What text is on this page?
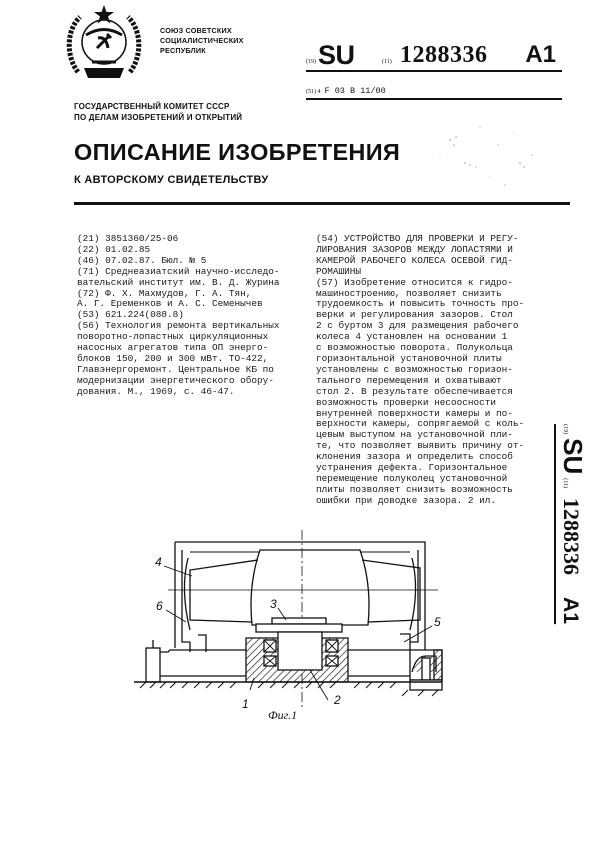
СОЮЗ СОВЕТСКИХ
СОЦИАЛИСТИЧЕСКИХ
РЕСПУБЛИК
ГОСУДАРСТВЕННЫЙ КОМИТЕТ СССР
ПО ДЕЛАМ ИЗОБРЕТЕНИЙ И ОТКРЫТИЙ
(19) SU	(11) 1288336 A1
(51) 4 F 03 B 11/00
ОПИСАНИЕ ИЗОБРЕТЕНИЯ
К АВТОРСКОМУ СВИДЕТЕЛЬСТВУ
(21) 3851360/25-06
(22) 01.02.85
(46) 07.02.87. Бюл. № 5
(71) Среднеазиатский научно-исследо-
вательский институт им. В. Д. Журина
(72) Ф. Х. Махмудов, Г. А. Тян,
А. Г. Еременков и А. С. Семенычев
(53) 621.224(088.8)
(56) Технология ремонта вертикальных
поворотно-лопастных циркуляционных
насосных агрегатов типа ОП энерго-
блоков 150, 200 и 300 мВт. ТО-422,
Главэнергоремонт. Центральное КБ по
модернизации энергетического обору-
дования. М., 1969, с. 46-47.
(54) УСТРОЙСТВО ДЛЯ ПРОВЕРКИ И РЕГУ-
ЛИРОВАНИЯ ЗАЗОРОВ МЕЖДУ ЛОПАСТЯМИ И
КАМЕРОЙ РАБОЧЕГО КОЛЕСА ОСЕВОЙ ГИД-
РОМАШИНЫ
(57) Изобретение относится к гидро-
машиностроению, позволяет снизить
трудоемкость и повысить точность про-
верки и регулирования зазоров. Стол
2 с буртом 3 для размещения рабочего
колеса 4 установлен на основании 1
с возможностью поворота. Полукольца
горизонтальной установочной плиты
установлены с возможностью горизон-
тального перемещения и охватывают
стол 2. В результате обеспечивается
возможность проверки несоосности
внутренней поверхности камеры и по-
верхности камеры, сопрягаемой с коль-
цевым выступом на установочной пли-
те, что позволяет выявить причину от-
клонения зазора и определить способ
устранения дефекта. Горизонтальное
перемещение полуколец установочной
плиты позволяет снизить возможность
ошибки при доводке зазора. 2 ил.
(19)
SU
(11)
1288336
A1
4
6	3
5
1	2
Фиг.1
